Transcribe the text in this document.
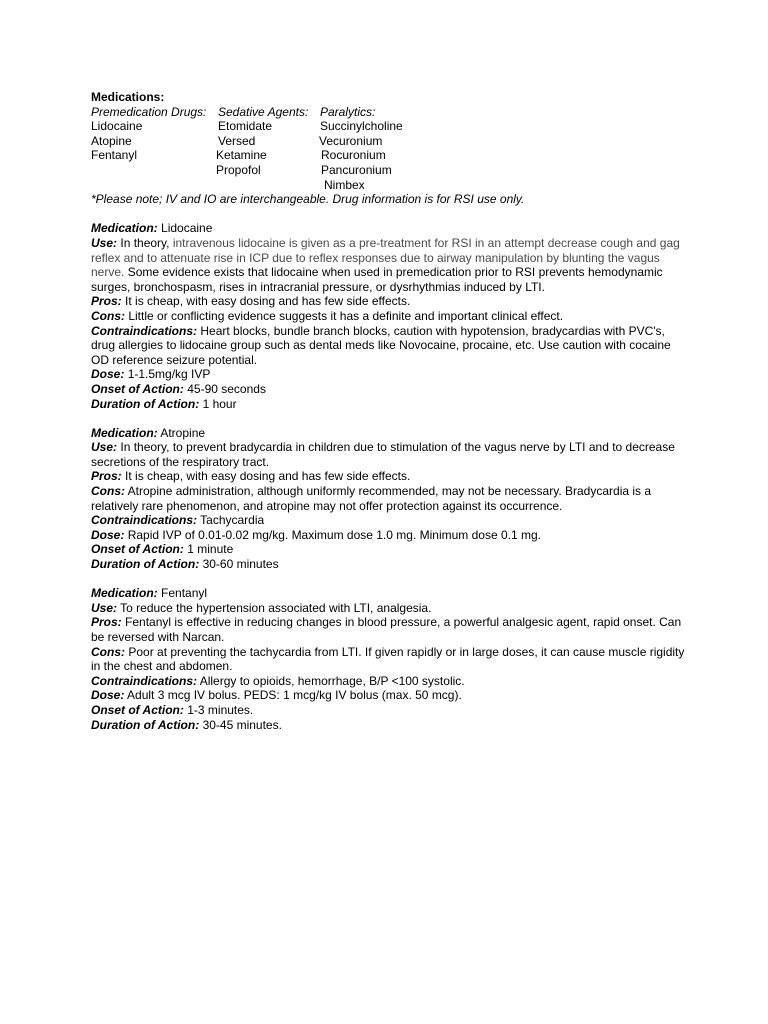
Medications:
Premedication Drugs:
Lidocaine
Atopine
Fentanyl
Sedative Agents:
Etomidate
Versed
Ketamine
Propofol
Paralytics:
Succinylcholine
Vecuronium
Rocuronium
Pancuronium
Nimbex
*Please note; IV and IO are interchangeable. Drug information is for RSI use only.
Medication: Lidocaine
Use: In theory, intravenous lidocaine is given as a pre-treatment for RSI in an attempt decrease cough and gag reflex and to attenuate rise in ICP due to reflex responses due to airway manipulation by blunting the vagus nerve. Some evidence exists that lidocaine when used in premedication prior to RSI prevents hemodynamic surges, bronchospasm, rises in intracranial pressure, or dysrhythmias induced by LTI.
Pros: It is cheap, with easy dosing and has few side effects.
Cons: Little or conflicting evidence suggests it has a definite and important clinical effect.
Contraindications: Heart blocks, bundle branch blocks, caution with hypotension, bradycardias with PVC's, drug allergies to lidocaine group such as dental meds like Novocaine, procaine, etc. Use caution with cocaine OD reference seizure potential.
Dose: 1-1.5mg/kg IVP
Onset of Action: 45-90 seconds
Duration of Action: 1 hour
Medication: Atropine
Use: In theory, to prevent bradycardia in children due to stimulation of the vagus nerve by LTI and to decrease secretions of the respiratory tract.
Pros: It is cheap, with easy dosing and has few side effects.
Cons: Atropine administration, although uniformly recommended, may not be necessary. Bradycardia is a relatively rare phenomenon, and atropine may not offer protection against its occurrence.
Contraindications: Tachycardia
Dose: Rapid IVP of 0.01-0.02 mg/kg. Maximum dose 1.0 mg. Minimum dose 0.1 mg.
Onset of Action: 1 minute
Duration of Action: 30-60 minutes
Medication: Fentanyl
Use: To reduce the hypertension associated with LTI, analgesia.
Pros: Fentanyl is effective in reducing changes in blood pressure, a powerful analgesic agent, rapid onset. Can be reversed with Narcan.
Cons: Poor at preventing the tachycardia from LTI. If given rapidly or in large doses, it can cause muscle rigidity in the chest and abdomen.
Contraindications: Allergy to opioids, hemorrhage, B/P <100 systolic.
Dose: Adult 3 mcg IV bolus. PEDS: 1 mcg/kg IV bolus (max. 50 mcg).
Onset of Action: 1-3 minutes.
Duration of Action: 30-45 minutes.
